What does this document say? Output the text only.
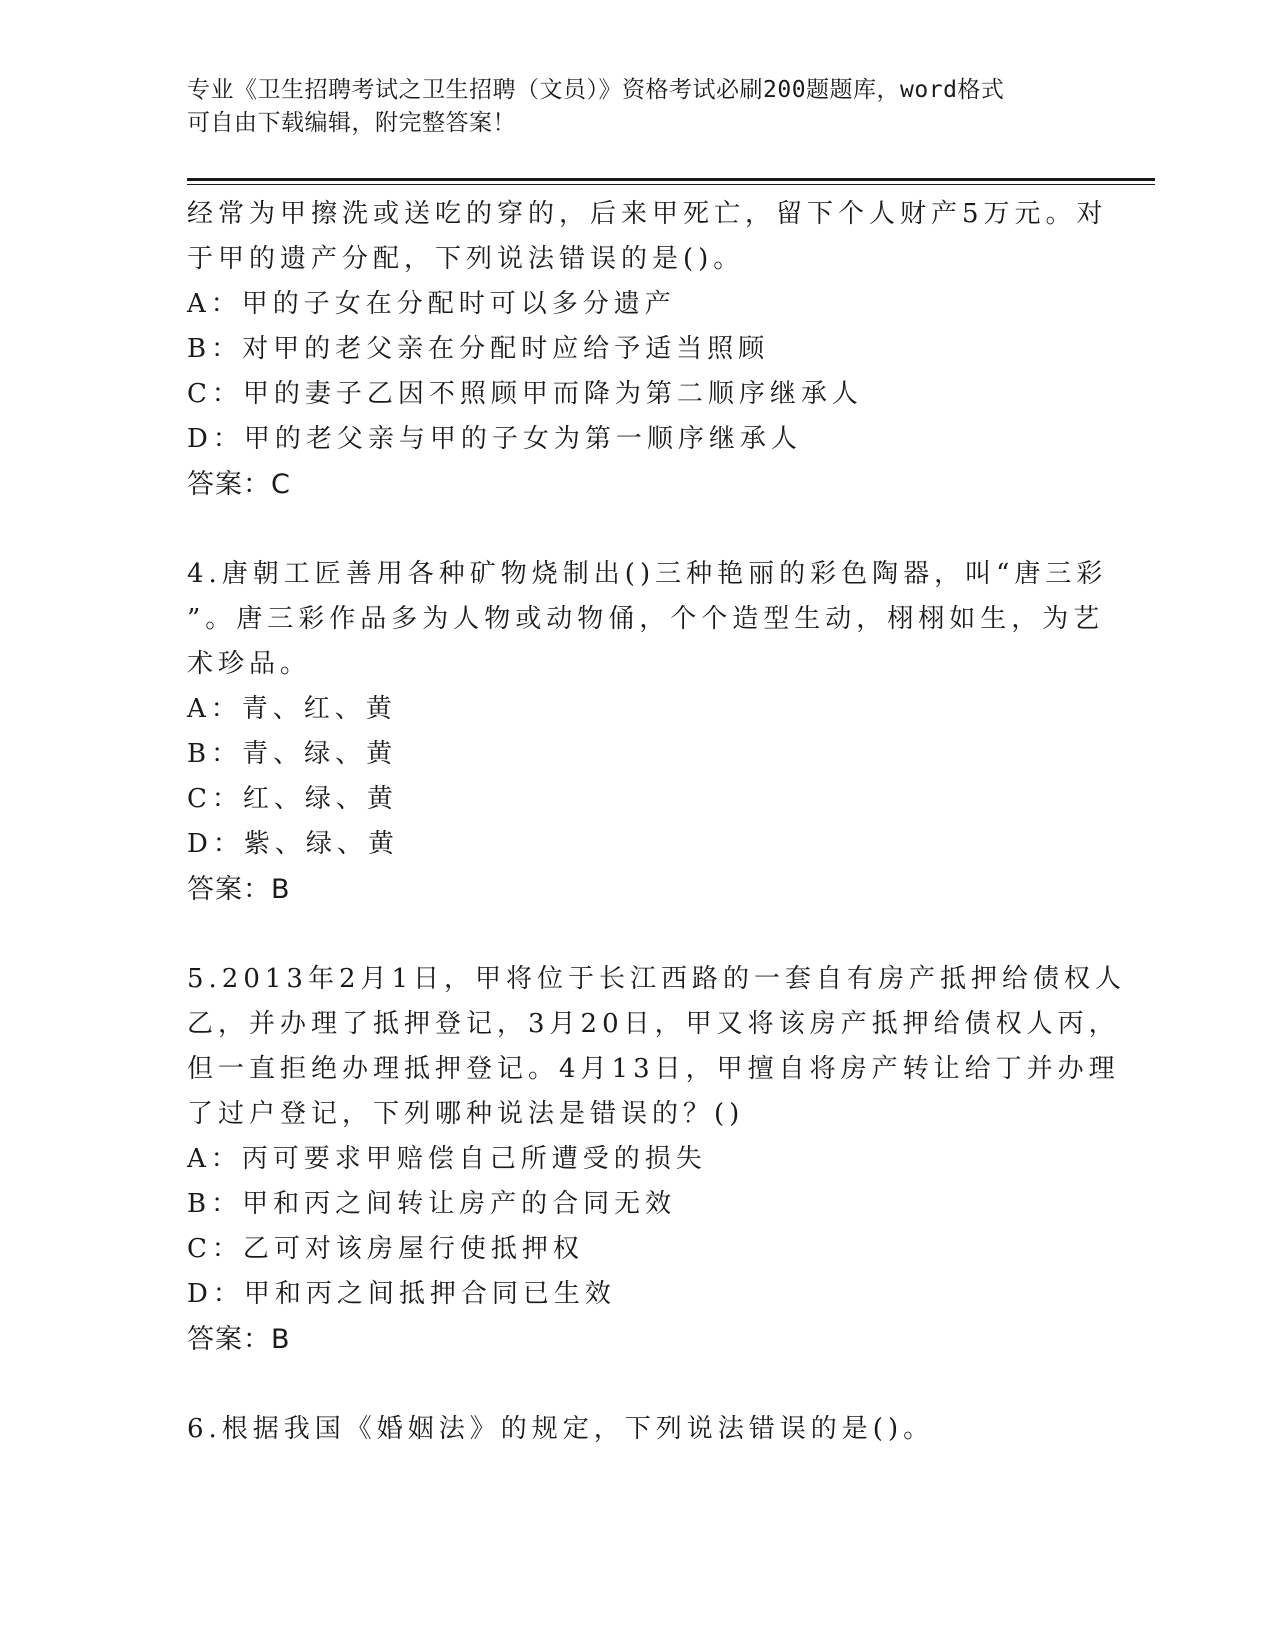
专业《卫生招聘考试之卫生招聘（文员）》资格考试必刷200题题库，word格式
可自由下载编辑，附完整答案！
经常为甲擦洗或送吃的穿的，后来甲死亡，留下个人财产5万元。对
于甲的遗产分配，下列说法错误的是()。
A：甲的子女在分配时可以多分遗产
B：对甲的老父亲在分配时应给予适当照顾
C：甲的妻子乙因不照顾甲而降为第二顺序继承人
D：甲的老父亲与甲的子女为第一顺序继承人
答案：C
4.唐朝工匠善用各种矿物烧制出()三种艳丽的彩色陶器，叫“唐三彩
”。唐三彩作品多为人物或动物俑，个个造型生动，栩栩如生，为艺
术珍品。
A：青、红、黄
B：青、绿、黄
C：红、绿、黄
D：紫、绿、黄
答案：B
5.2013年2月1日，甲将位于长江西路的一套自有房产抵押给债权人
乙，并办理了抵押登记，3月20日，甲又将该房产抵押给债权人丙，
但一直拒绝办理抵押登记。4月13日，甲擅自将房产转让给丁并办理
了过户登记，下列哪种说法是错误的？()
A：丙可要求甲赔偿自己所遭受的损失
B：甲和丙之间转让房产的合同无效
C：乙可对该房屋行使抵押权
D：甲和丙之间抵押合同已生效
答案：B
6.根据我国《婚姻法》的规定，下列说法错误的是()。
